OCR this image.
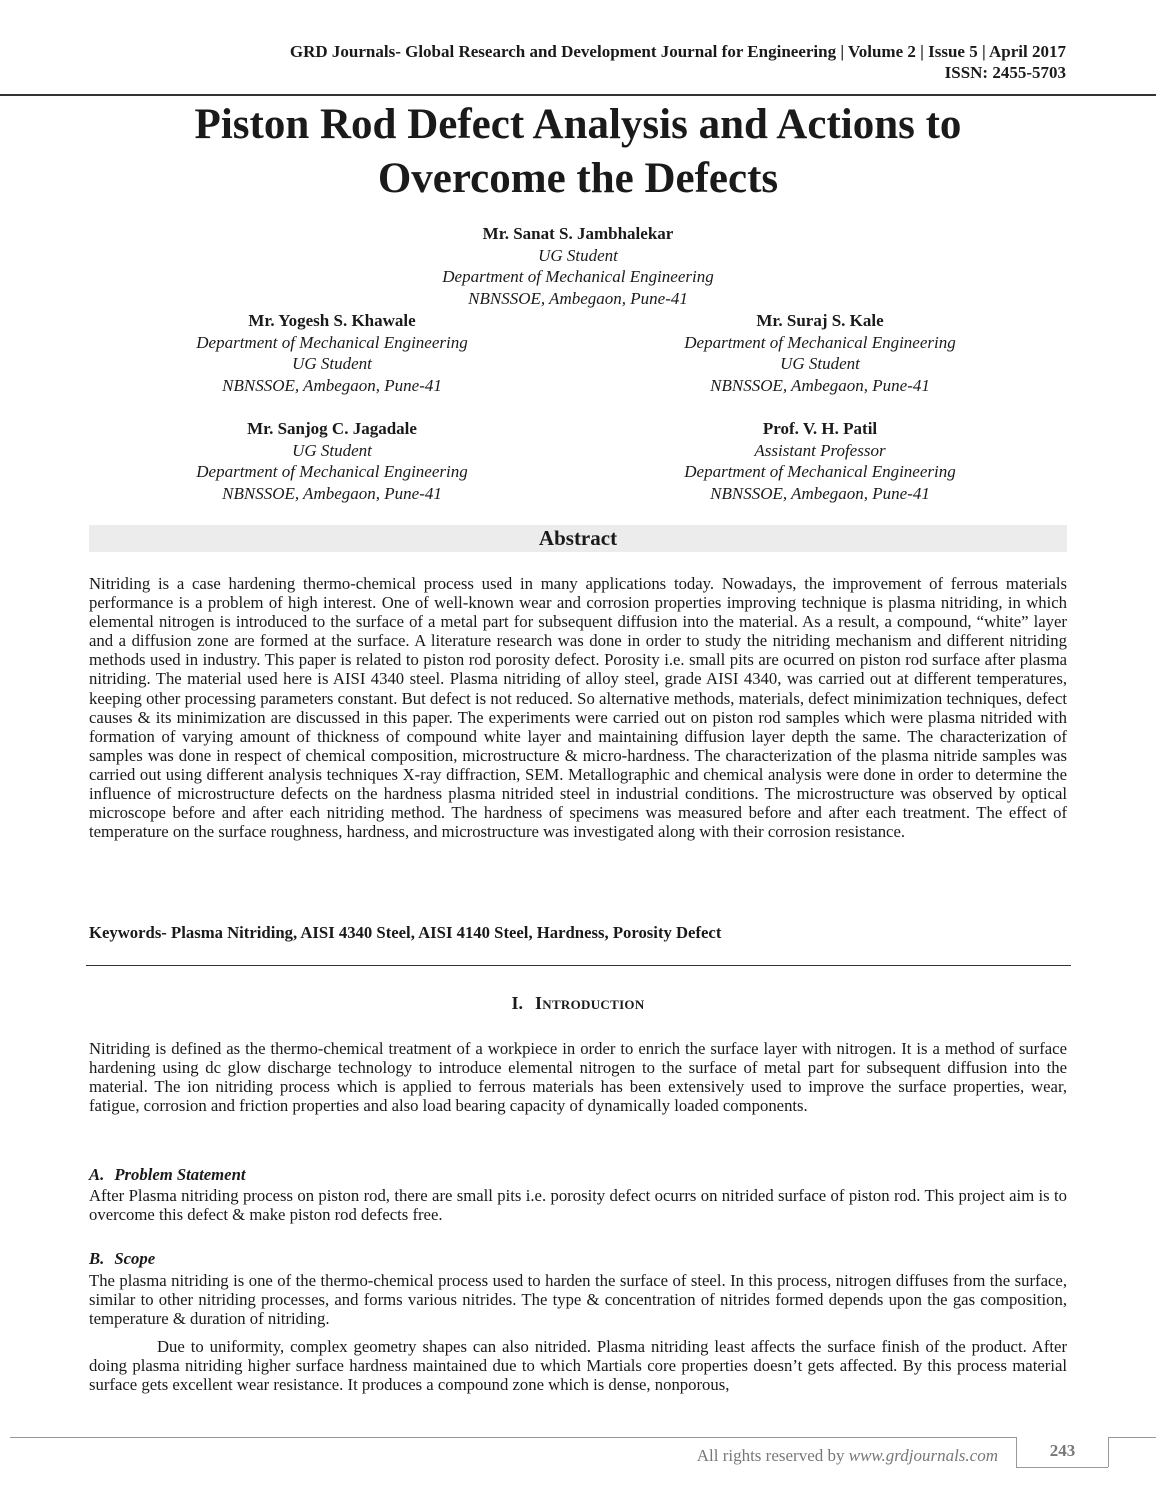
GRD Journals- Global Research and Development Journal for Engineering | Volume 2 | Issue 5 | April 2017
ISSN: 2455-5703
Piston Rod Defect Analysis and Actions to
Overcome the Defects
Mr. Sanat S. Jambhalekar
UG Student
Department of Mechanical Engineering
NBNSSOE, Ambegaon, Pune-41
Mr. Yogesh S. Khawale
Department of Mechanical Engineering
UG Student
NBNSSOE, Ambegaon, Pune-41
Mr. Suraj S. Kale
Department of Mechanical Engineering
UG Student
NBNSSOE, Ambegaon, Pune-41
Mr. Sanjog C. Jagadale
UG Student
Department of Mechanical Engineering
NBNSSOE, Ambegaon, Pune-41
Prof. V. H. Patil
Assistant Professor
Department of Mechanical Engineering
NBNSSOE, Ambegaon, Pune-41
Abstract
Nitriding is a case hardening thermo-chemical process used in many applications today. Nowadays, the improvement of ferrous materials performance is a problem of high interest. One of well-known wear and corrosion properties improving technique is plasma nitriding, in which elemental nitrogen is introduced to the surface of a metal part for subsequent diffusion into the material. As a result, a compound, “white” layer and a diffusion zone are formed at the surface. A literature research was done in order to study the nitriding mechanism and different nitriding methods used in industry. This paper is related to piston rod porosity defect. Porosity i.e. small pits are ocurred on piston rod surface after plasma nitriding. The material used here is AISI 4340 steel. Plasma nitriding of alloy steel, grade AISI 4340, was carried out at different temperatures, keeping other processing parameters constant. But defect is not reduced. So alternative methods, materials, defect minimization techniques, defect causes & its minimization are discussed in this paper. The experiments were carried out on piston rod samples which were plasma nitrided with formation of varying amount of thickness of compound white layer and maintaining diffusion layer depth the same. The characterization of samples was done in respect of chemical composition, microstructure & micro-hardness. The characterization of the plasma nitride samples was carried out using different analysis techniques X-ray diffraction, SEM. Metallographic and chemical analysis were done in order to determine the influence of microstructure defects on the hardness plasma nitrided steel in industrial conditions. The microstructure was observed by optical microscope before and after each nitriding method. The hardness of specimens was measured before and after each treatment. The effect of temperature on the surface roughness, hardness, and microstructure was investigated along with their corrosion resistance.
Keywords- Plasma Nitriding, AISI 4340 Steel, AISI 4140 Steel, Hardness, Porosity Defect
I. Introduction
Nitriding is defined as the thermo-chemical treatment of a workpiece in order to enrich the surface layer with nitrogen. It is a method of surface hardening using dc glow discharge technology to introduce elemental nitrogen to the surface of metal part for subsequent diffusion into the material. The ion nitriding process which is applied to ferrous materials has been extensively used to improve the surface properties, wear, fatigue, corrosion and friction properties and also load bearing capacity of dynamically loaded components.
A. Problem Statement
After Plasma nitriding process on piston rod, there are small pits i.e. porosity defect ocurrs on nitrided surface of piston rod. This project aim is to overcome this defect & make piston rod defects free.
B. Scope
The plasma nitriding is one of the thermo-chemical process used to harden the surface of steel. In this process, nitrogen diffuses from the surface, similar to other nitriding processes, and forms various nitrides. The type & concentration of nitrides formed depends upon the gas composition, temperature & duration of nitriding.
Due to uniformity, complex geometry shapes can also nitrided. Plasma nitriding least affects the surface finish of the product. After doing plasma nitriding higher surface hardness maintained due to which Martials core properties doesn’t gets affected. By this process material surface gets excellent wear resistance. It produces a compound zone which is dense, nonporous,
All rights reserved by www.grdjournals.com	243
